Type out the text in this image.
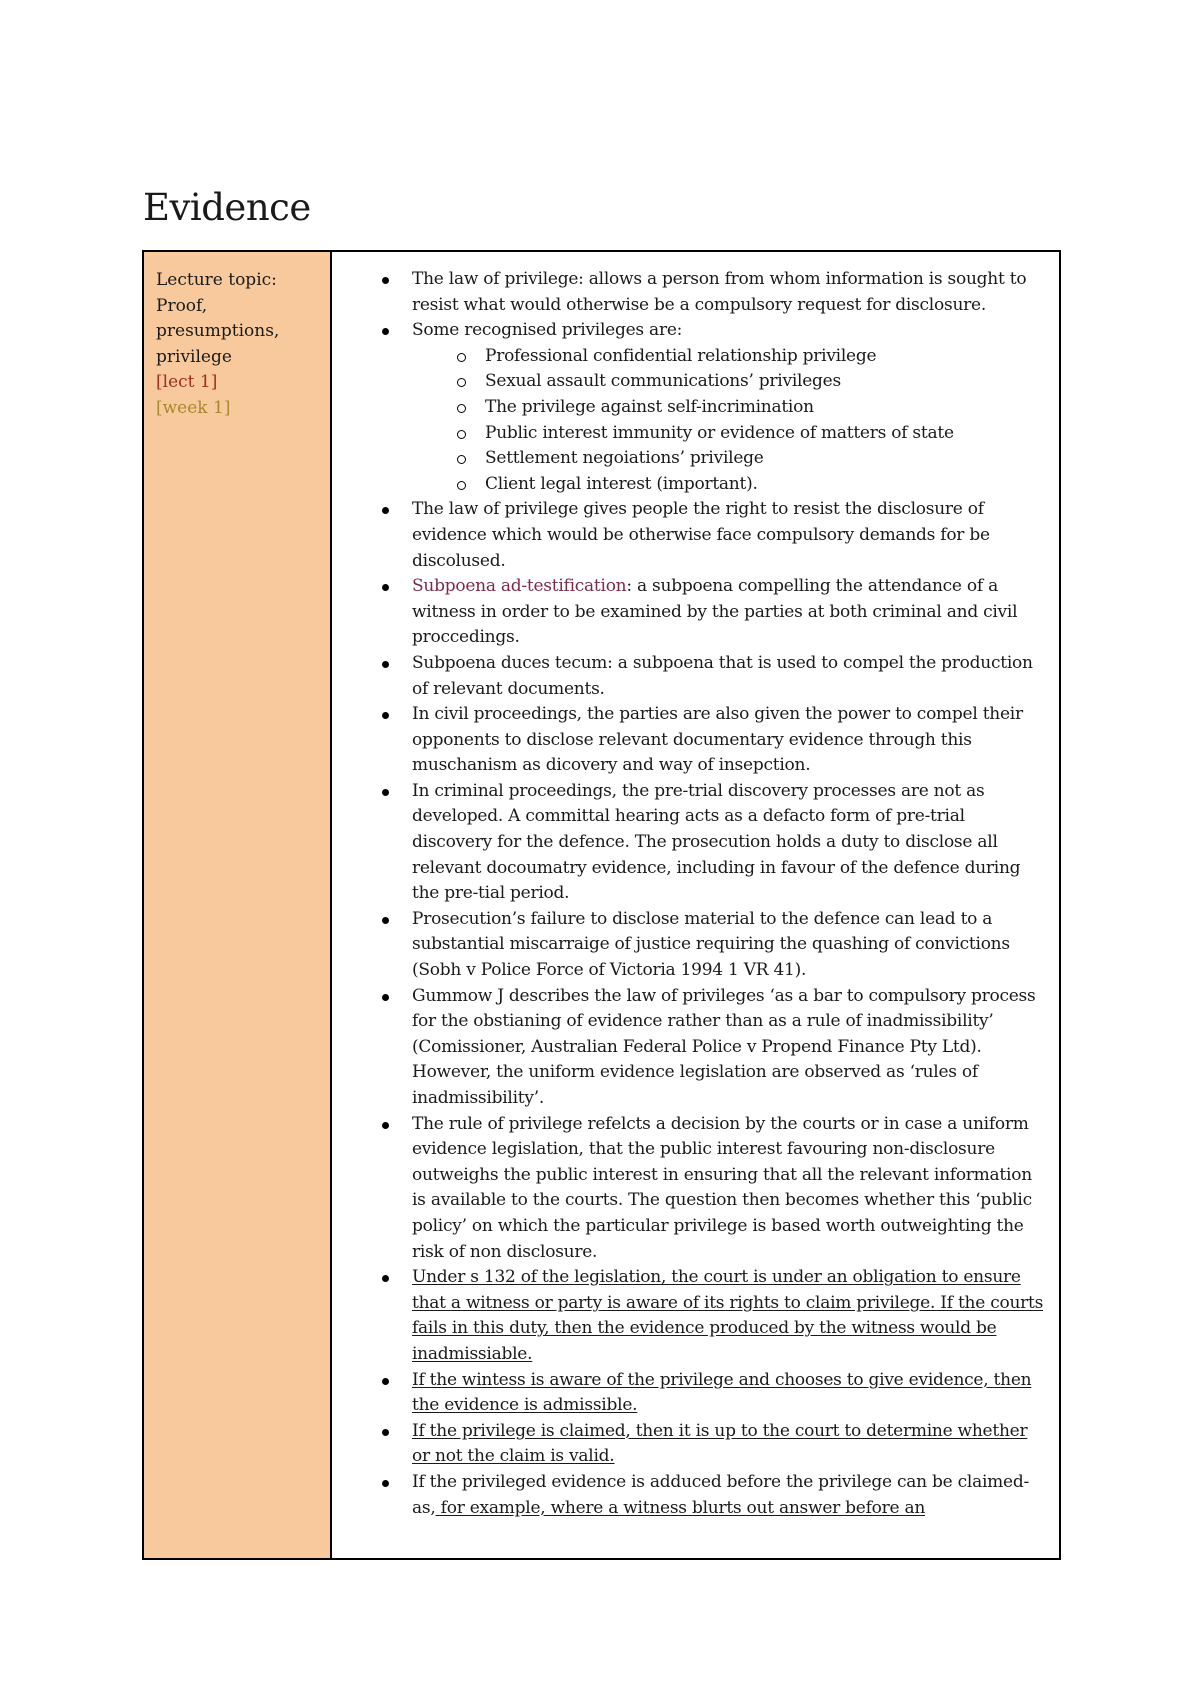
Evidence
Lecture topic:
Proof,
presumptions,
privilege
[lect 1]
[week 1]
The law of privilege: allows a person from whom information is sought to resist what would otherwise be a compulsory request for disclosure.
Some recognised privileges are:
Professional confidential relationship privilege
Sexual assault communications’ privileges
The privilege against self-incrimination
Public interest immunity or evidence of matters of state
Settlement negoiations’ privilege
Client legal interest (important).
The law of privilege gives people the right to resist the disclosure of evidence which would be otherwise face compulsory demands for be discolused.
Subpoena ad-testification: a subpoena compelling the attendance of a witness in order to be examined by the parties at both criminal and civil proccedings.
Subpoena duces tecum: a subpoena that is used to compel the production of relevant documents.
In civil proceedings, the parties are also given the power to compel their opponents to disclose relevant documentary evidence through this muschanism as dicovery and way of insepction.
In criminal proceedings, the pre-trial discovery processes are not as developed. A committal hearing acts as a defacto form of pre-trial discovery for the defence. The prosecution holds a duty to disclose all relevant docoumatry evidence, including in favour of the defence during the pre-tial period.
Prosecution’s failure to disclose material to the defence can lead to a substantial miscarraige of justice requiring the quashing of convictions (Sobh v Police Force of Victoria 1994 1 VR 41).
Gummow J describes the law of privileges ‘as a bar to compulsory process for the obstianing of evidence rather than as a rule of inadmissibility’ (Comissioner, Australian Federal Police v Propend Finance Pty Ltd). However, the uniform evidence legislation are observed as ‘rules of inadmissibility’.
The rule of privilege refelcts a decision by the courts or in case a uniform evidence legislation, that the public interest favouring non-disclosure outweighs the public interest in ensuring that all the relevant information is available to the courts. The question then becomes whether this ‘public policy’ on which the particular privilege is based worth outweighting the risk of non disclosure.
Under s 132 of the legislation, the court is under an obligation to ensure that a witness or party is aware of its rights to claim privilege. If the courts fails in this duty, then the evidence produced by the witness would be inadmissiable.
If the wintess is aware of the privilege and chooses to give evidence, then the evidence is admissible.
If the privilege is claimed, then it is up to the court to determine whether or not the claim is valid.
If the privileged evidence is adduced before the privilege can be claimed-as, for example, where a witness blurts out answer before an
